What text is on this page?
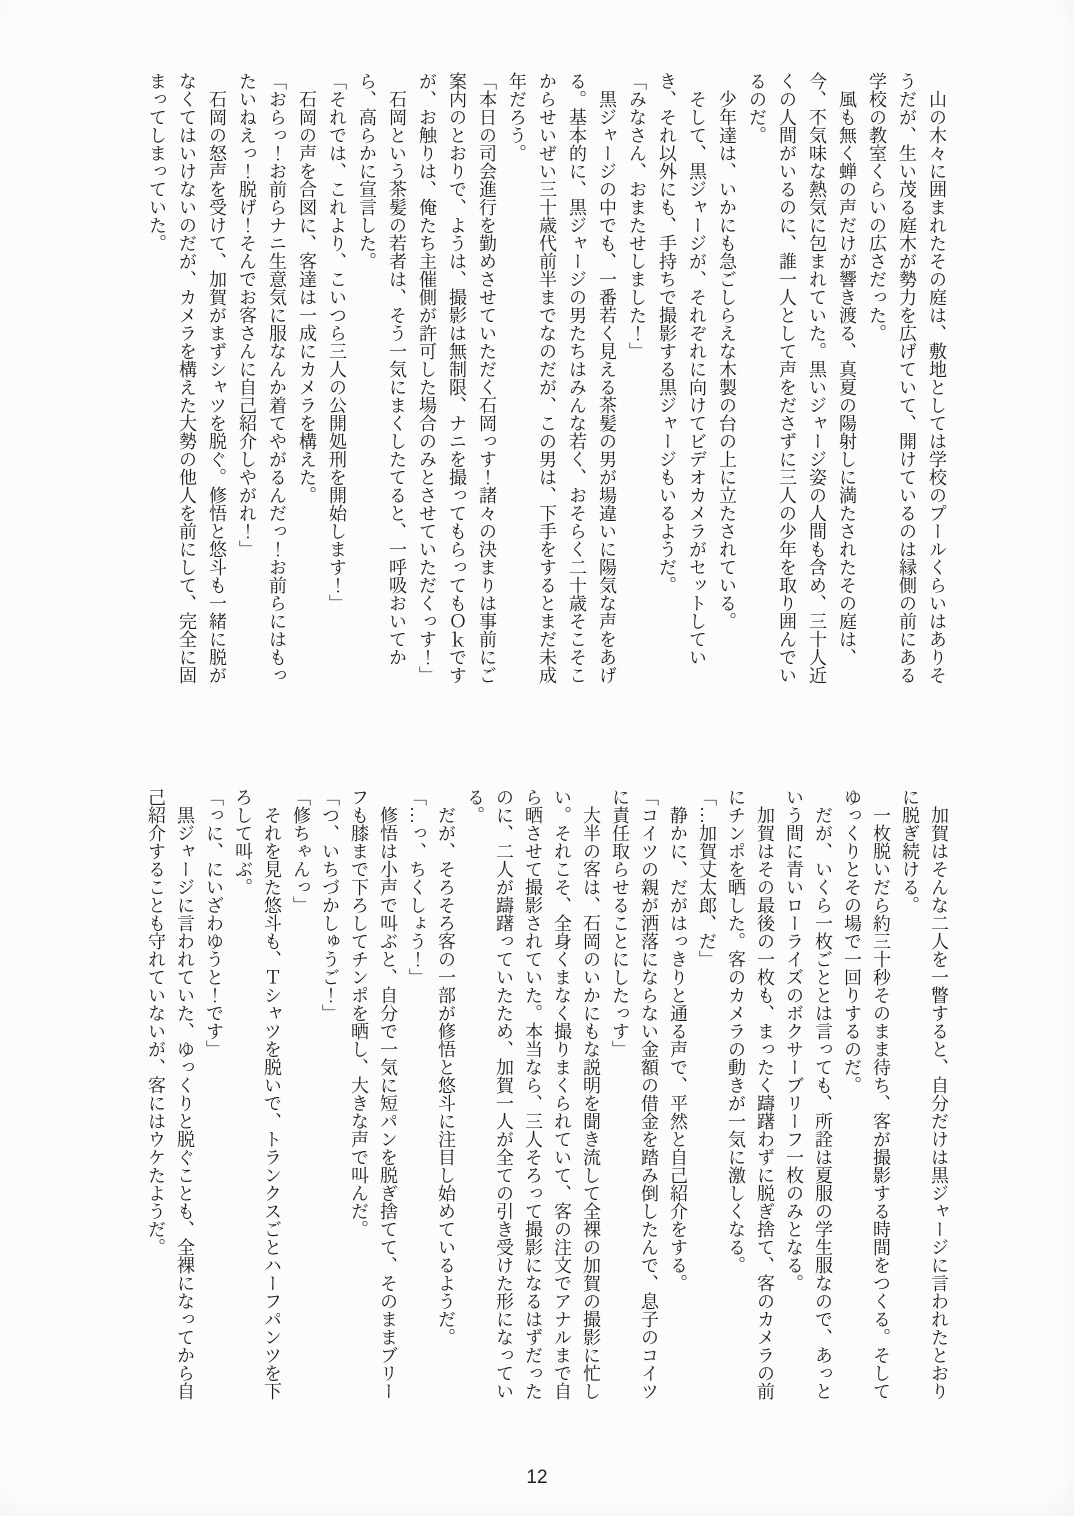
　山の木々に囲まれたその庭は、敷地としては学校のプールくらいはありそうだが、生い茂る庭木が勢力を広げていて、開けているのは縁側の前にある学校の教室くらいの広さだった。

　風も無く蝉の声だけが響き渡る、真夏の陽射しに満たされたその庭は、今、不気味な熱気に包まれていた。黒いジャージ姿の人間も含め、三十人近くの人間がいるのに、誰一人として声をださずに三人の少年を取り囲んでいるのだ。

　少年達は、いかにも急ごしらえな木製の台の上に立たされている。

　そして、黒ジャージが、それぞれに向けてビデオカメラがセットしていき、それ以外にも、手持ちで撮影する黒ジャージもいるようだ。

「みなさん、おまたせしました！」

　黒ジャージの中でも、一番若く見える茶髪の男が場違いに陽気な声をあげる。基本的に、黒ジャージの男たちはみんな若く、おそらく二十歳そこそこからせいぜい三十歳代前半までなのだが、この男は、下手をするとまだ未成年だろう。

「本日の司会進行を勤めさせていただく石岡っす！諸々の決まりは事前にご案内のとおりで、ようは、撮影は無制限、ナニを撮ってもらってもＯｋですが、お触りは、俺たち主催側が許可した場合のみとさせていただくっす！」

　石岡という茶髪の若者は、そう一気にまくしたてると、一呼吸おいてから、高らかに宣言した。

「それでは、これより、こいつら三人の公開処刑を開始します！」

　石岡の声を合図に、客達は一成にカメラを構えた。

「おらっ！お前らナニ生意気に服なんか着てやがるんだっ！お前らにはもったいねえっ！脱げ！そんでお客さんに自己紹介しやがれ！」

　石岡の怒声を受けて、加賀がまずシャツを脱ぐ。修悟と悠斗も一緒に脱がなくてはいけないのだが、カメラを構えた大勢の他人を前にして、完全に固まってしまっていた。

　加賀はそんな二人を一瞥すると、自分だけは黒ジャージに言われたとおりに脱ぎ続ける。

　一枚脱いだら約三十秒そのまま待ち、客が撮影する時間をつくる。そしてゆっくりとその場で一回りするのだ。

　だが、いくら一枚ごととは言っても、所詮は夏服の学生服なので、あっという間に青いローライズのボクサーブリーフ一枚のみとなる。

　加賀はその最後の一枚も、まったく躊躇わずに脱ぎ捨て、客のカメラの前にチンポを晒した。客のカメラの動きが一気に激しくなる。

「…加賀丈太郎、だ」

　静かに、だがはっきりと通る声で、平然と自己紹介をする。

「コイツの親が洒落にならない金額の借金を踏み倒したんで、息子のコイツに責任取らせることにしたっす」

　大半の客は、石岡のいかにもな説明を聞き流して全裸の加賀の撮影に忙しい。それこそ、全身くまなく撮りまくられていて、客の注文でアナルまで自ら晒させて撮影されていた。本当なら、三人そろって撮影になるはずだったのに、二人が躊躇っていたため、加賀一人が全ての引き受けた形になっている。

　だが、そろそろ客の一部が修悟と悠斗に注目し始めているようだ。

「…っ、ちくしょう！」

　修悟は小声で叫ぶと、自分で一気に短パンを脱ぎ捨てて、そのままブリーフも膝まで下ろしてチンポを晒し、大きな声で叫んだ。

「つ、いちづかしゅうご！」

「修ちゃんっ」

　それを見た悠斗も、Ｔシャツを脱いで、トランクスごとハーフパンツを下ろして叫ぶ。

「っに、にいざわゆうと！です」

　黒ジャージに言われていた、ゆっくりと脱ぐことも、全裸になってから自己紹介することも守れていないが、客にはウケたようだ。

12
